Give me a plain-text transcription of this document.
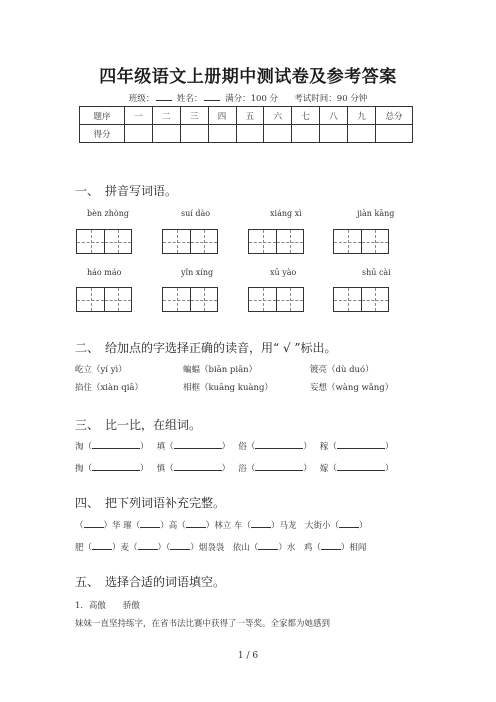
四年级语文上册期中测试卷及参考答案
班级：	姓名：	满分：100 分 考试时间：90 分钟
题序	一	二	三	四	五	六	七	八	九	总分
得分										
一、　拼音写词语。
bèn zhòng	suí dào	xiáng xì	jiàn kāng
háo máo	yǐn xíng	xū yào	shū cài
二、　给加点的字选择正确的读音，用“ √ ”标出。
屹立（yí yì）	蝙蝠（biān piān）	镀亮（dù duó）
掐住（xiàn qiā）	相框（kuāng kuàng）	妄想（wàng wǎng）
三、　比一比，在组词。
淘（	） 填（	） 俗（	） 稼（	）
掏（	） 慎（	） 浴（	） 嫁（	）
四、　把下列词语补充完整。
（ ）华 璀（ ）高（ ）林立 车（ ）马龙　大街小（ ）
肥（ ）麦（ ）（ ）烟袅袅　依山（ ）水　鸡（ ）相闻
五、　选择合适的词语填空。
1．高傲　　骄傲
妹妹一直坚持练字，在省书法比赛中获得了一等奖。全家都为她感到
1 / 6
